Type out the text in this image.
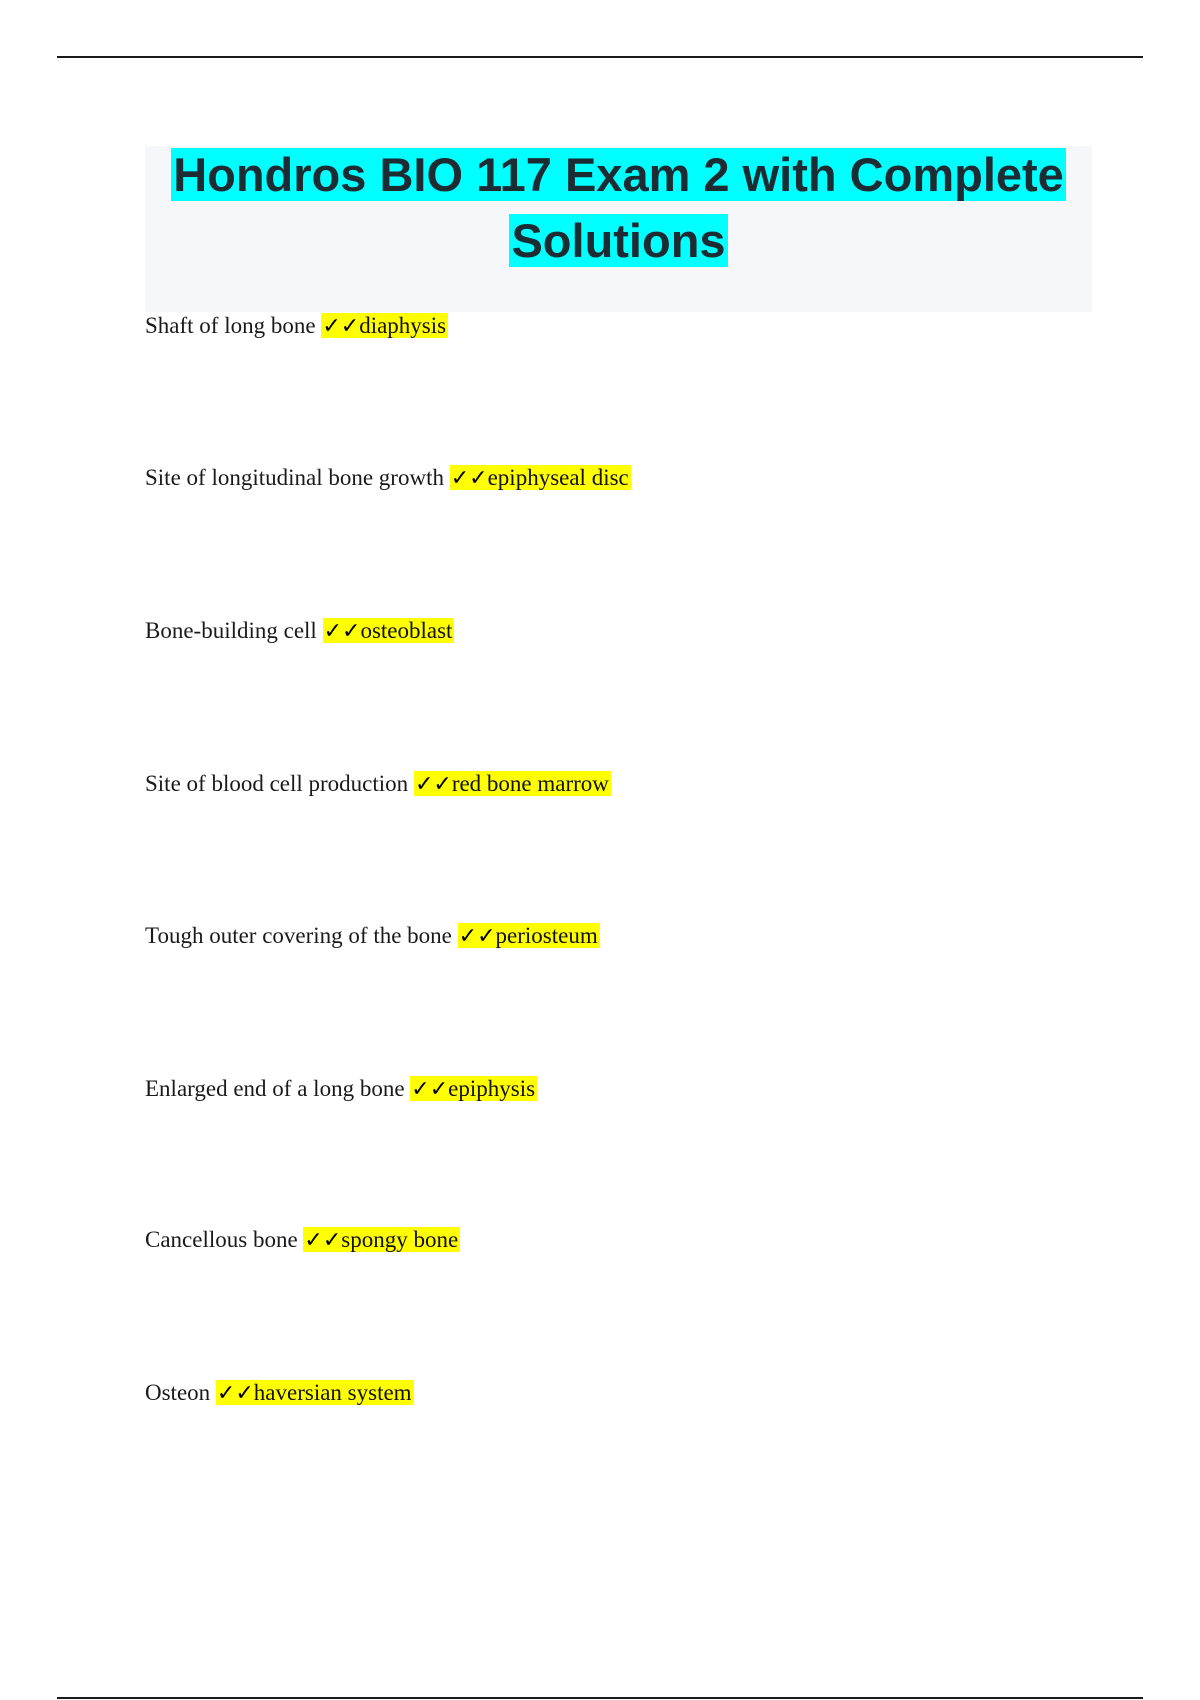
Hondros BIO 117 Exam 2 with Complete Solutions
Shaft of long bone ✓✓diaphysis
Site of longitudinal bone growth ✓✓epiphyseal disc
Bone-building cell ✓✓osteoblast
Site of blood cell production ✓✓red bone marrow
Tough outer covering of the bone ✓✓periosteum
Enlarged end of a long bone ✓✓epiphysis
Cancellous bone ✓✓spongy bone
Osteon ✓✓haversian system
